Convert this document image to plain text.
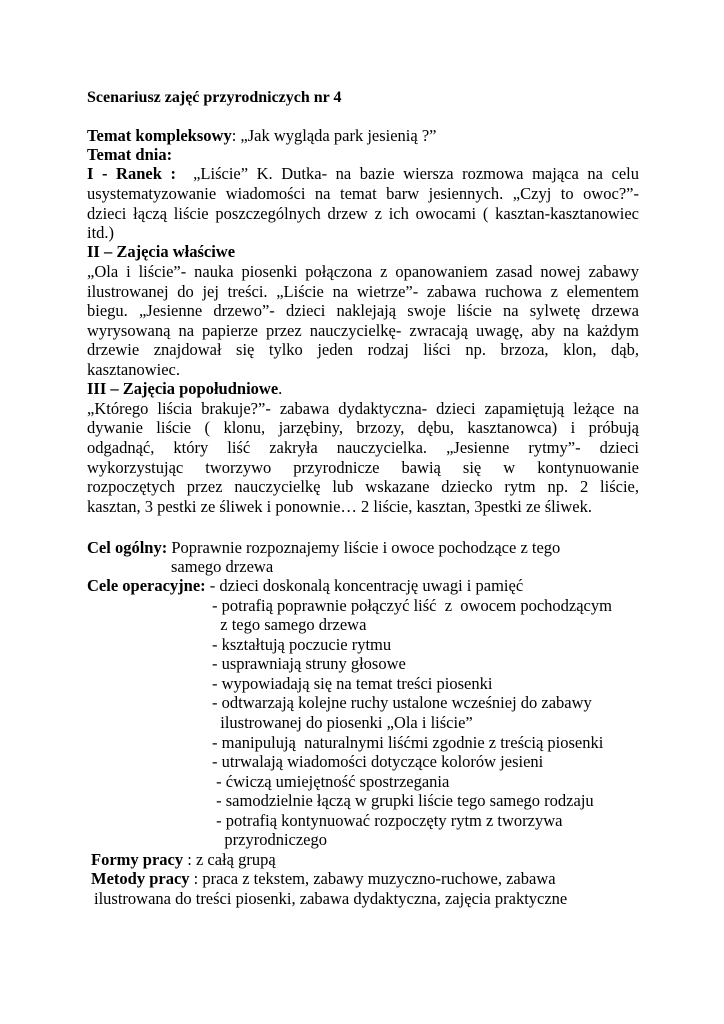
Scenariusz zajęć przyrodniczych nr 4
Temat kompleksowy: „Jak wygląda park jesienią ?”
Temat dnia:
I - Ranek : „Liście” K. Dutka- na bazie wiersza rozmowa mająca na celu
usystematyzowanie wiadomości na temat barw jesiennych. „Czyj to owoc?”-
dzieci łączą liście poszczególnych drzew z ich owocami ( kasztan-kasztanowiec
itd.)
II – Zajęcia właściwe
„Ola i liście”- nauka piosenki połączona z opanowaniem zasad nowej zabawy
ilustrowanej do jej treści. „Liście na wietrze”- zabawa ruchowa z elementem
biegu. „Jesienne drzewo”- dzieci naklejają swoje liście na sylwetę drzewa
wyrysowaną na papierze przez nauczycielkę- zwracają uwagę, aby na każdym
drzewie znajdował się tylko jeden rodzaj liści np. brzoza, klon, dąb,
kasztanowiec.
III – Zajęcia popołudniowe.
„Którego liścia brakuje?”- zabawa dydaktyczna- dzieci zapamiętują leżące na
dywanie liście ( klonu, jarzębiny, brzozy, dębu, kasztanowca) i próbują
odgadnąć, który liść zakryła nauczycielka. „Jesienne rytmy”- dzieci
wykorzystując tworzywo przyrodnicze bawią się w kontynuowanie
rozpoczętych przez nauczycielkę lub wskazane dziecko rytm np. 2 liście,
kasztan, 3 pestki ze śliwek i ponownie… 2 liście, kasztan, 3pestki ze śliwek.
Cel ogólny: Poprawnie rozpoznajemy liście i owoce pochodzące z tego
samego drzewa
Cele operacyjne: - dzieci doskonalą koncentrację uwagi i pamięć
- potrafią poprawnie połączyć liść  z  owocem pochodzącym
z tego samego drzewa
- kształtują poczucie rytmu
- usprawniają struny głosowe
- wypowiadają się na temat treści piosenki
- odtwarzają kolejne ruchy ustalone wcześniej do zabawy
ilustrowanej do piosenki „Ola i liście”
- manipulują  naturalnymi liśćmi zgodnie z treścią piosenki
- utrwalają wiadomości dotyczące kolorów jesieni
- ćwiczą umiejętność spostrzegania
- samodzielnie łączą w grupki liście tego samego rodzaju
- potrafią kontynuować rozpoczęty rytm z tworzywa
przyrodniczego
Formy pracy : z całą grupą
Metody pracy : praca z tekstem, zabawy muzyczno-ruchowe, zabawa
ilustrowana do treści piosenki, zabawa dydaktyczna, zajęcia praktyczne
